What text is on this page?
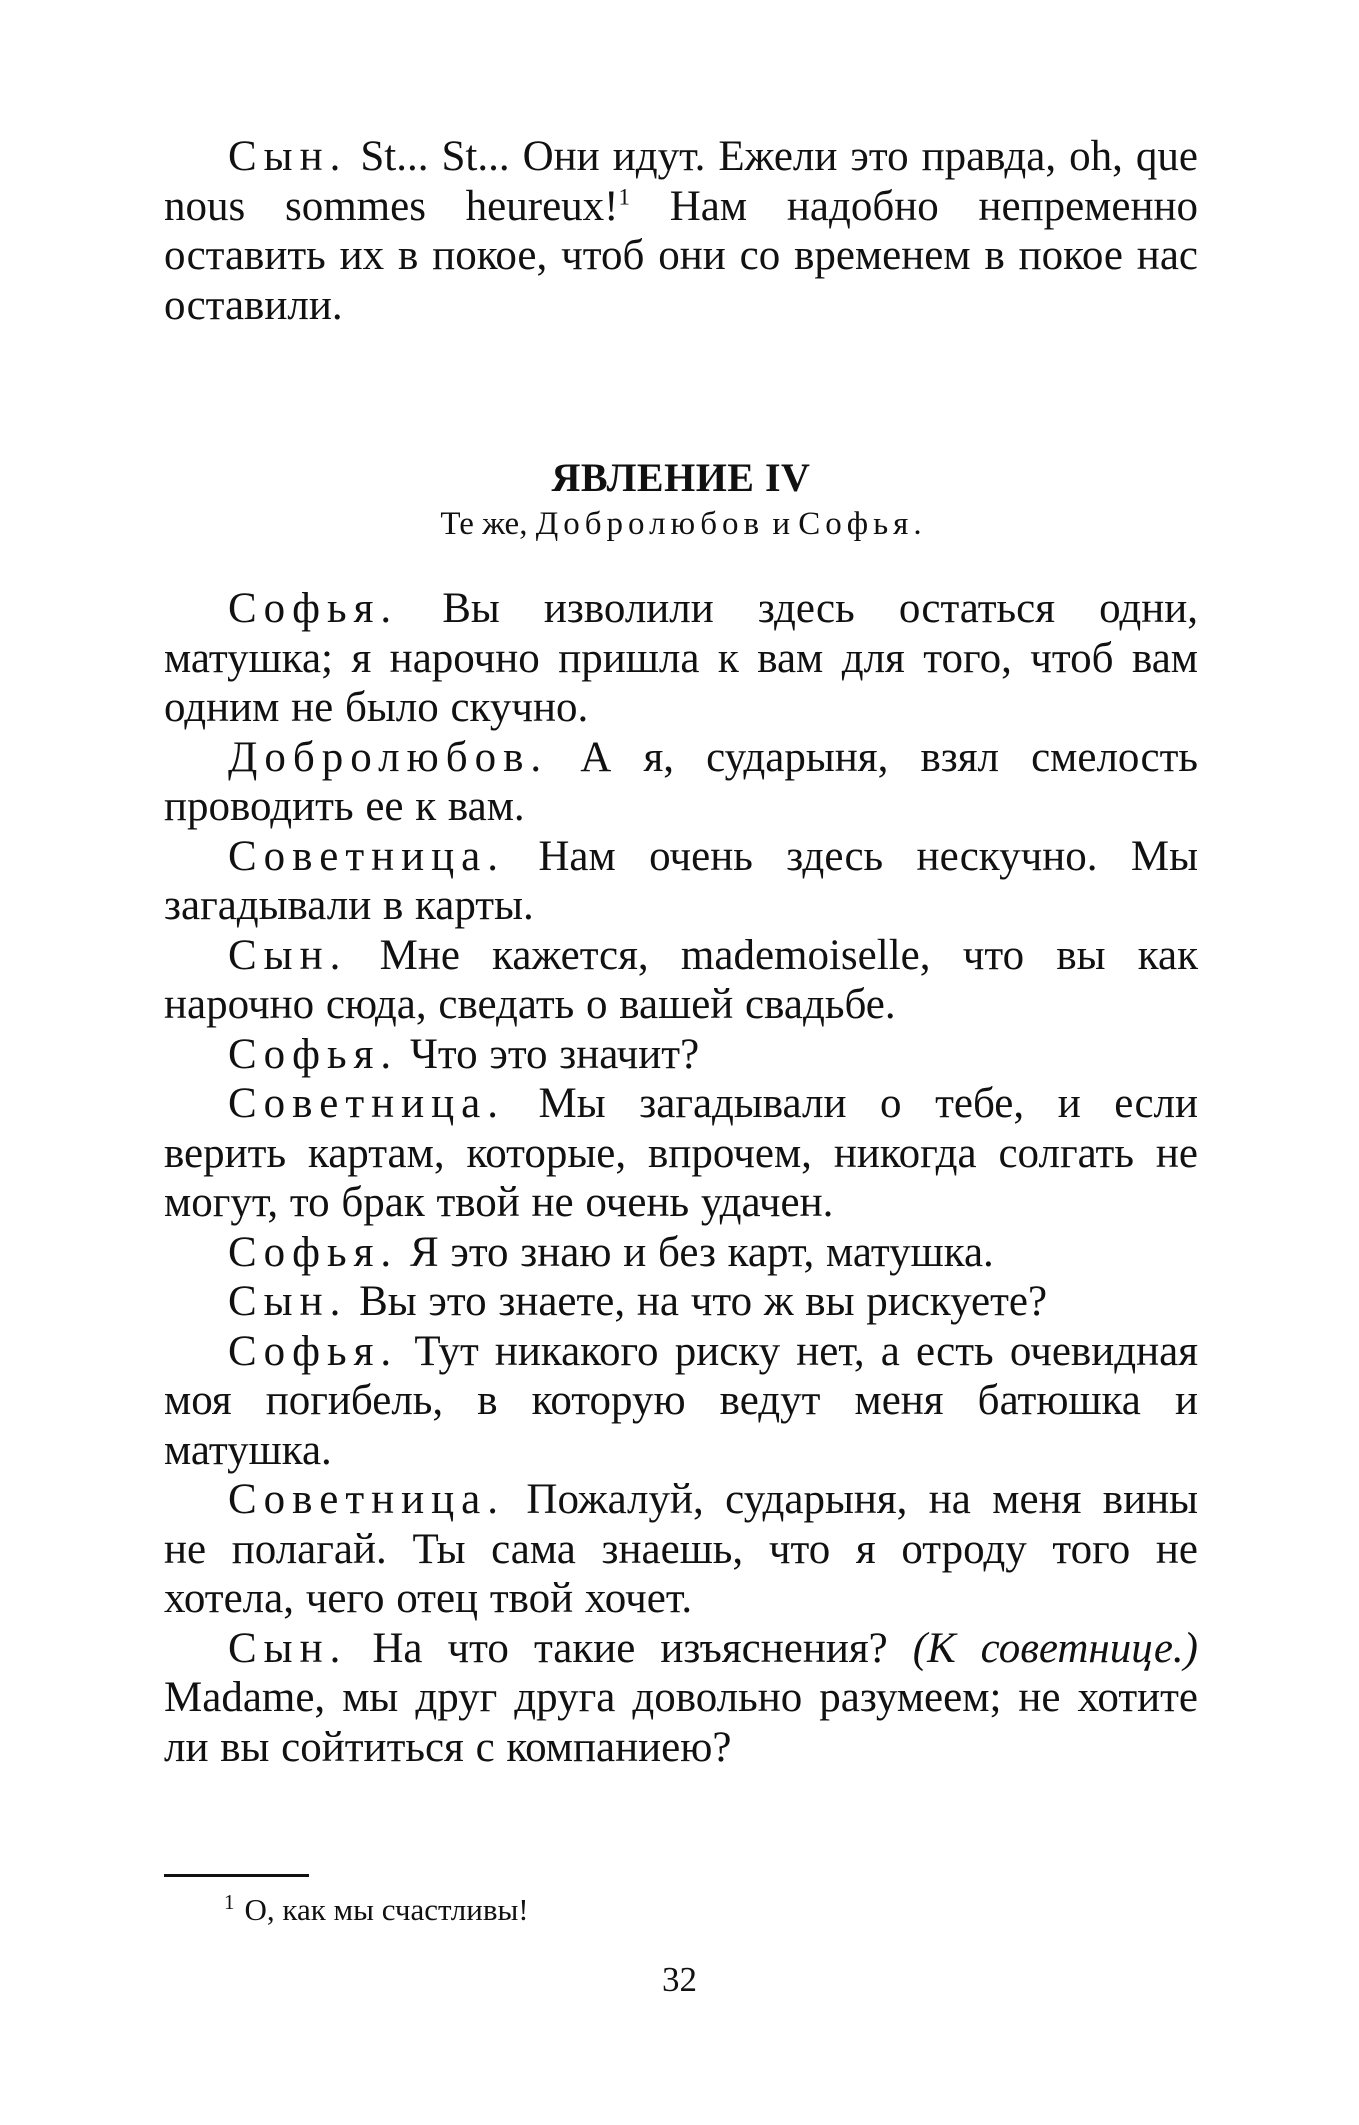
Сын. St... St... Они идут. Ежели это правда, oh, que nous sommes heureux!$^1$ Нам надобно непременно оставить их в покое, чтоб они со временем в покое нас оставили.

ЯВЛЕНИЕ IV

Те же, Добролюбов и Софья.

Софья. Вы изволили здесь остаться одни, матушка; я нарочно пришла к вам для того, чтоб вам одним не было скучно.

Добролюбов. А я, сударыня, взял смелость проводить ее к вам.

Советница. Нам очень здесь нескучно. Мы загадывали в карты.

Сын. Мне кажется, mademoiselle, что вы как нарочно сюда, сведать о вашей свадьбе.

Софья. Что это значит?

Советница. Мы загадывали о тебе, и если верить картам, которые, впрочем, никогда солгать не могут, то брак твой не очень удачен.

Софья. Я это знаю и без карт, матушка.

Сын. Вы это знаете, на что ж вы рискуете?

Софья. Тут никакого риску нет, а есть очевидная моя погибель, в которую ведут меня батюшка и матушка.

Советница. Пожалуй, сударыня, на меня вины не полагай. Ты сама знаешь, что я отроду того не хотела, чего отец твой хочет.

Сын. На что такие изъяснения? (К советнице.) Madame, мы друг друга довольно разумеем; не хотите ли вы сойтиться с компаниею?

$^1$ О, как мы счастливы!
32
